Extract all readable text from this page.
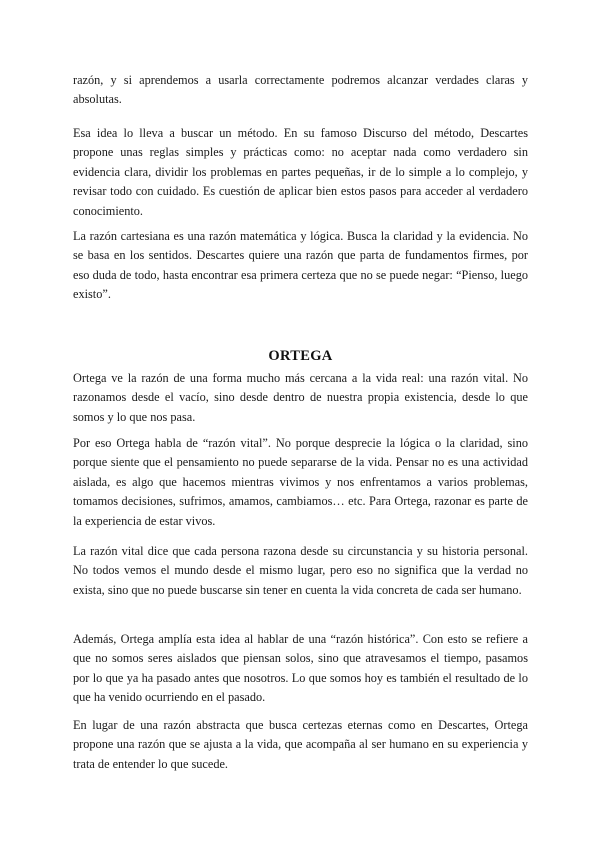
razón, y si aprendemos a usarla correctamente podremos alcanzar verdades claras y absolutas.

Esa idea lo lleva a buscar un método. En su famoso Discurso del método, Descartes propone unas reglas simples y prácticas como: no aceptar nada como verdadero sin evidencia clara, dividir los problemas en partes pequeñas, ir de lo simple a lo complejo, y revisar todo con cuidado. Es cuestión de aplicar bien estos pasos para acceder al verdadero conocimiento.

La razón cartesiana es una razón matemática y lógica. Busca la claridad y la evidencia. No se basa en los sentidos. Descartes quiere una razón que parta de fundamentos firmes, por eso duda de todo, hasta encontrar esa primera certeza que no se puede negar: “Pienso, luego existo”.

ORTEGA

Ortega ve la razón de una forma mucho más cercana a la vida real: una razón vital. No razonamos desde el vacío, sino desde dentro de nuestra propia existencia, desde lo que somos y lo que nos pasa.

Por eso Ortega habla de “razón vital”. No porque desprecie la lógica o la claridad, sino porque siente que el pensamiento no puede separarse de la vida. Pensar no es una actividad aislada, es algo que hacemos mientras vivimos y nos enfrentamos a varios problemas, tomamos decisiones, sufrimos, amamos, cambiamos… etc. Para Ortega, razonar es parte de la experiencia de estar vivos.

La razón vital dice que cada persona razona desde su circunstancia y su historia personal. No todos vemos el mundo desde el mismo lugar, pero eso no significa que la verdad no exista, sino que no puede buscarse sin tener en cuenta la vida concreta de cada ser humano.

Además, Ortega amplía esta idea al hablar de una “razón histórica”. Con esto se refiere a que no somos seres aislados que piensan solos, sino que atravesamos el tiempo, pasamos por lo que ya ha pasado antes que nosotros. Lo que somos hoy es también el resultado de lo que ha venido ocurriendo en el pasado.

En lugar de una razón abstracta que busca certezas eternas como en Descartes, Ortega propone una razón que se ajusta a la vida, que acompaña al ser humano en su experiencia y trata de entender lo que sucede.
